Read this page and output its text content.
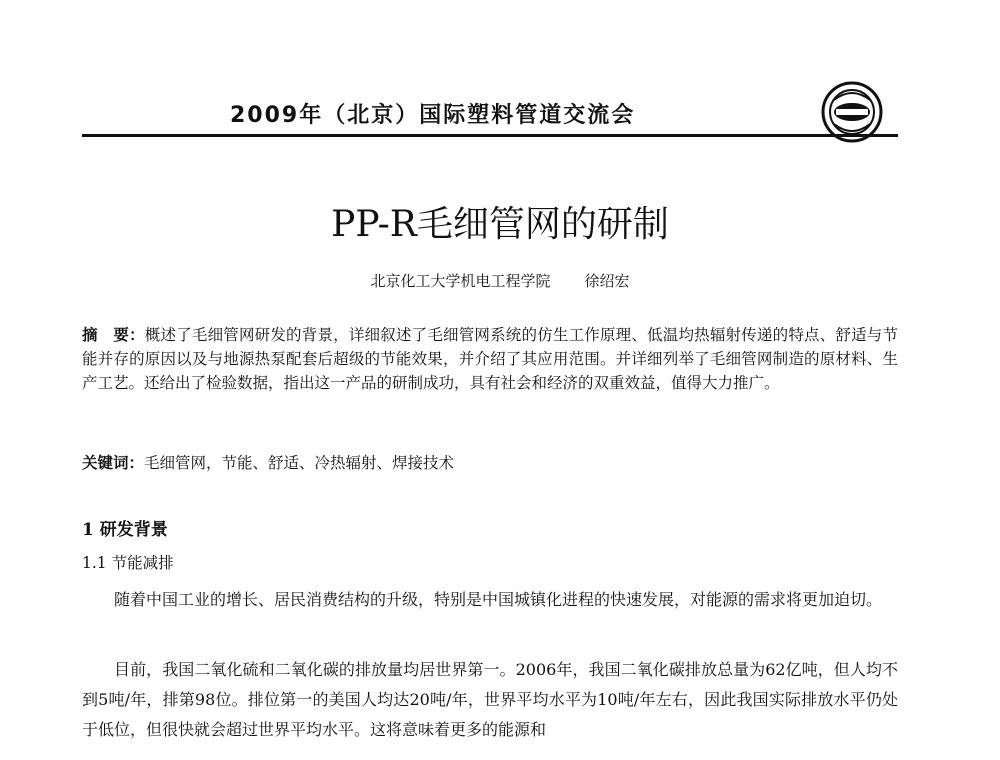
2009年（北京）国际塑料管道交流会
PP-R毛细管网的研制
北京化工大学机电工程学院 徐绍宏
摘　要：概述了毛细管网研发的背景，详细叙述了毛细管网系统的仿生工作原理、低温均热辐射传递的特点、舒适与节能并存的原因以及与地源热泵配套后超级的节能效果，并介绍了其应用范围。并详细列举了毛细管网制造的原材料、生产工艺。还给出了检验数据，指出这一产品的研制成功，具有社会和经济的双重效益，值得大力推广。
关键词：毛细管网，节能、舒适、冷热辐射、焊接技术
1 研发背景
1.1 节能减排
随着中国工业的增长、居民消费结构的升级，特别是中国城镇化进程的快速发展，对能源的需求将更加迫切。
目前，我国二氧化硫和二氧化碳的排放量均居世界第一。2006年，我国二氧化碳排放总量为62亿吨，但人均不到5吨/年，排第98位。排位第一的美国人均达20吨/年，世界平均水平为10吨/年左右，因此我国实际排放水平仍处于低位，但很快就会超过世界平均水平。这将意味着更多的能源和
